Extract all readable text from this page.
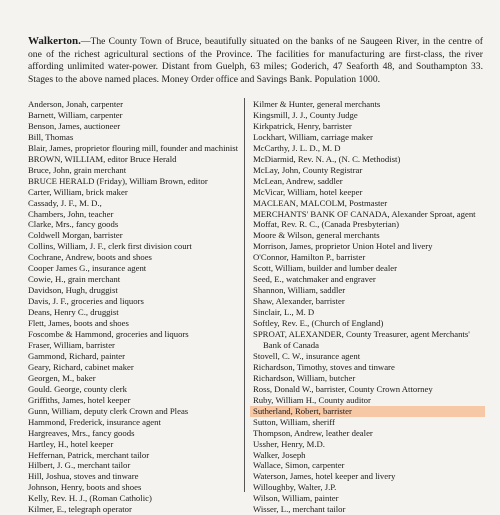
Walkerton.—The County Town of Bruce, beautifully situated on the banks of ne Saugeen River, in the centre of one of the richest agricultural sections of the Province. The facilities for manufacturing are first-class, the river affording unlimited water-power. Distant from Guelph, 63 miles; Goderich, 47 Seaforth 48, and Southampton 33. Stages to the above named places. Money Order office and Savings Bank. Population 1000.
Anderson, Jonah, carpenter
Barnett, William, carpenter
Benson, James, auctioneer
Bill, Thomas
Blair, James, proprietor flouring mill, founder and machinist
BROWN, WILLIAM, editor Bruce Herald
Bruce, John, grain merchant
BRUCE HERALD (Friday), William Brown, editor
Carter, William, brick maker
Cassady, J. F., M. D.,
Chambers, John, teacher
Clarke, Mrs., fancy goods
Coldwell Morgan, barrister
Collins, William, J. F., clerk first division court
Cochrane, Andrew, boots and shoes
Cooper James G., insurance agent
Cowie, H., grain merchant
Davidson, Hugh, druggist
Davis, J. F., groceries and liquors
Deans, Henry C., druggist
Flett, James, boots and shoes
Foscombe & Hammond, groceries and liquors
Fraser, William, barrister
Gammond, Richard, painter
Geary, Richard, cabinet maker
Georgen, M., baker
Gould. George, county clerk
Griffiths, James, hotel keeper
Gunn, William, deputy clerk Crown and Pleas
Hammond, Frederick, insurance agent
Hargreaves, Mrs., fancy goods
Hartley, H., hotel keeper
Heffernan, Patrick, merchant tailor
Hilbert, J. G., merchant tailor
Hill, Joshua, stoves and tinware
Johnson, Henry, boots and shoes
Kelly, Rev. H. J., (Roman Catholic)
Kilmer, E., telegraph operator
Kilmer & Hunter, general merchants
Kingsmill, J. J., County Judge
Kirkpatrick, Henry, barrister
Lockhart, William, carriage maker
McCarthy, J. L. D., M. D
McDiarmid, Rev. N. A., (N. C. Methodist)
McLay, John, County Registrar
McLean, Andrew, saddler
McVicar, William, hotel keeper
MACLEAN, MALCOLM, Postmaster
MERCHANTS' BANK OF CANADA, Alexander Sproat, agent
Moffat, Rev. R. C., (Canada Presbyterian)
Moore & Wilson, general merchants
Morrison, James, proprietor Union Hotel and livery
O'Connor, Hamilton P., barrister
Scott, William, builder and lumber dealer
Seed, E., watchmaker and engraver
Shannon, William, saddler
Shaw, Alexander, barrister
Sinclair, L., M. D
Softley, Rev. E., (Church of England)
SPROAT, ALEXANDER, County Treasurer, agent Merchants' Bank of Canada
Stovell, C. W., insurance agent
Richardson, Timothy, stoves and tinware
Richardson, William, butcher
Ross, Donald W., barrister, County Crown Attorney
Ruby, William H., County auditor
Sutherland, Robert, barrister
Sutton, William, sheriff
Thompson, Andrew, leather dealer
Ussher, Henry, M.D.
Walker, Joseph
Wallace, Simon, carpenter
Waterson, James, hotel keeper and livery
Willoughby, Walter, J.P.
Wilson, William, painter
Wisser, L., merchant tailor
